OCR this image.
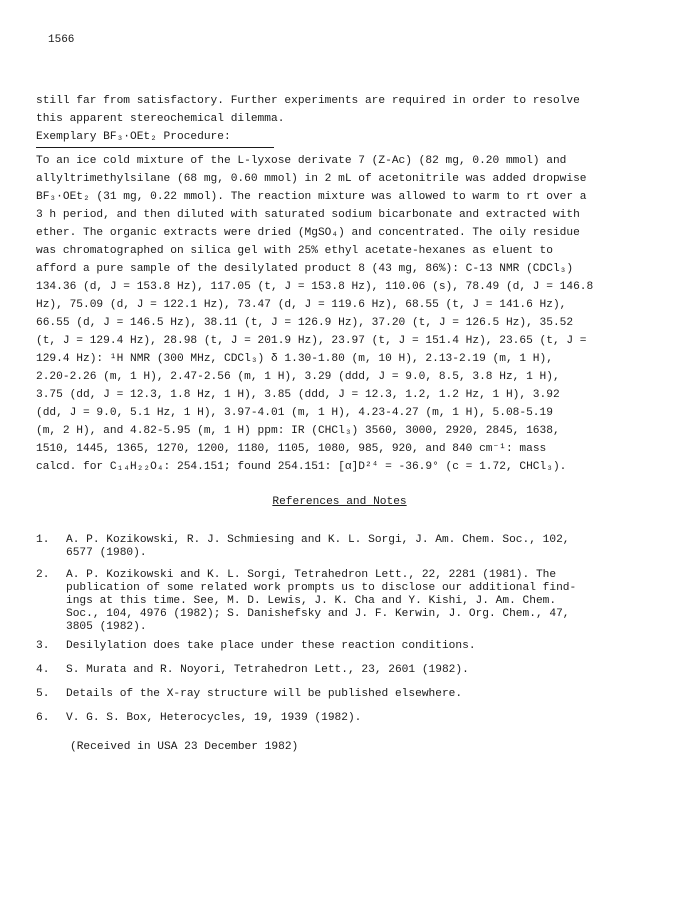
1566
still far from satisfactory. Further experiments are required in order to resolve
this apparent stereochemical dilemma.
Exemplary BF₃·OEt₂ Procedure:
To an ice cold mixture of the L-lyxose derivate 7 (Z-Ac) (82 mg, 0.20 mmol) and
allyltrimethylsilane (68 mg, 0.60 mmol) in 2 mL of acetonitrile was added dropwise
BF₃·OEt₂ (31 mg, 0.22 mmol). The reaction mixture was allowed to warm to rt over a
3 h period, and then diluted with saturated sodium bicarbonate and extracted with
ether. The organic extracts were dried (MgSO₄) and concentrated. The oily residue
was chromatographed on silica gel with 25% ethyl acetate-hexanes as eluent to
afford a pure sample of the desilylated product 8 (43 mg, 86%): C-13 NMR (CDCl₃)
134.36 (d, J = 153.8 Hz), 117.05 (t, J = 153.8 Hz), 110.06 (s), 78.49 (d, J = 146.8
Hz), 75.09 (d, J = 122.1 Hz), 73.47 (d, J = 119.6 Hz), 68.55 (t, J = 141.6 Hz),
66.55 (d, J = 146.5 Hz), 38.11 (t, J = 126.9 Hz), 37.20 (t, J = 126.5 Hz), 35.52
(t, J = 129.4 Hz), 28.98 (t, J = 201.9 Hz), 23.97 (t, J = 151.4 Hz), 23.65 (t, J =
129.4 Hz): ¹H NMR (300 MHz, CDCl₃) δ 1.30-1.80 (m, 10 H), 2.13-2.19 (m, 1 H),
2.20-2.26 (m, 1 H), 2.47-2.56 (m, 1 H), 3.29 (ddd, J = 9.0, 8.5, 3.8 Hz, 1 H),
3.75 (dd, J = 12.3, 1.8 Hz, 1 H), 3.85 (ddd, J = 12.3, 1.2, 1.2 Hz, 1 H), 3.92
(dd, J = 9.0, 5.1 Hz, 1 H), 3.97-4.01 (m, 1 H), 4.23-4.27 (m, 1 H), 5.08-5.19
(m, 2 H), and 4.82-5.95 (m, 1 H) ppm: IR (CHCl₃) 3560, 3000, 2920, 2845, 1638,
1510, 1445, 1365, 1270, 1200, 1180, 1105, 1080, 985, 920, and 840 cm⁻¹: mass
calcd. for C₁₄H₂₂O₄: 254.151; found 254.151: [α]D²⁴ = -36.9° (c = 1.72, CHCl₃).
References and Notes
1. A. P. Kozikowski, R. J. Schmiesing and K. L. Sorgi, J. Am. Chem. Soc., 102,
6577 (1980).
2. A. P. Kozikowski and K. L. Sorgi, Tetrahedron Lett., 22, 2281 (1981). The
publication of some related work prompts us to disclose our additional find-
ings at this time. See, M. D. Lewis, J. K. Cha and Y. Kishi, J. Am. Chem.
Soc., 104, 4976 (1982); S. Danishefsky and J. F. Kerwin, J. Org. Chem., 47,
3805 (1982).
3. Desilylation does take place under these reaction conditions.
4. S. Murata and R. Noyori, Tetrahedron Lett., 23, 2601 (1982).
5. Details of the X-ray structure will be published elsewhere.
6. V. G. S. Box, Heterocycles, 19, 1939 (1982).
(Received in USA 23 December 1982)
